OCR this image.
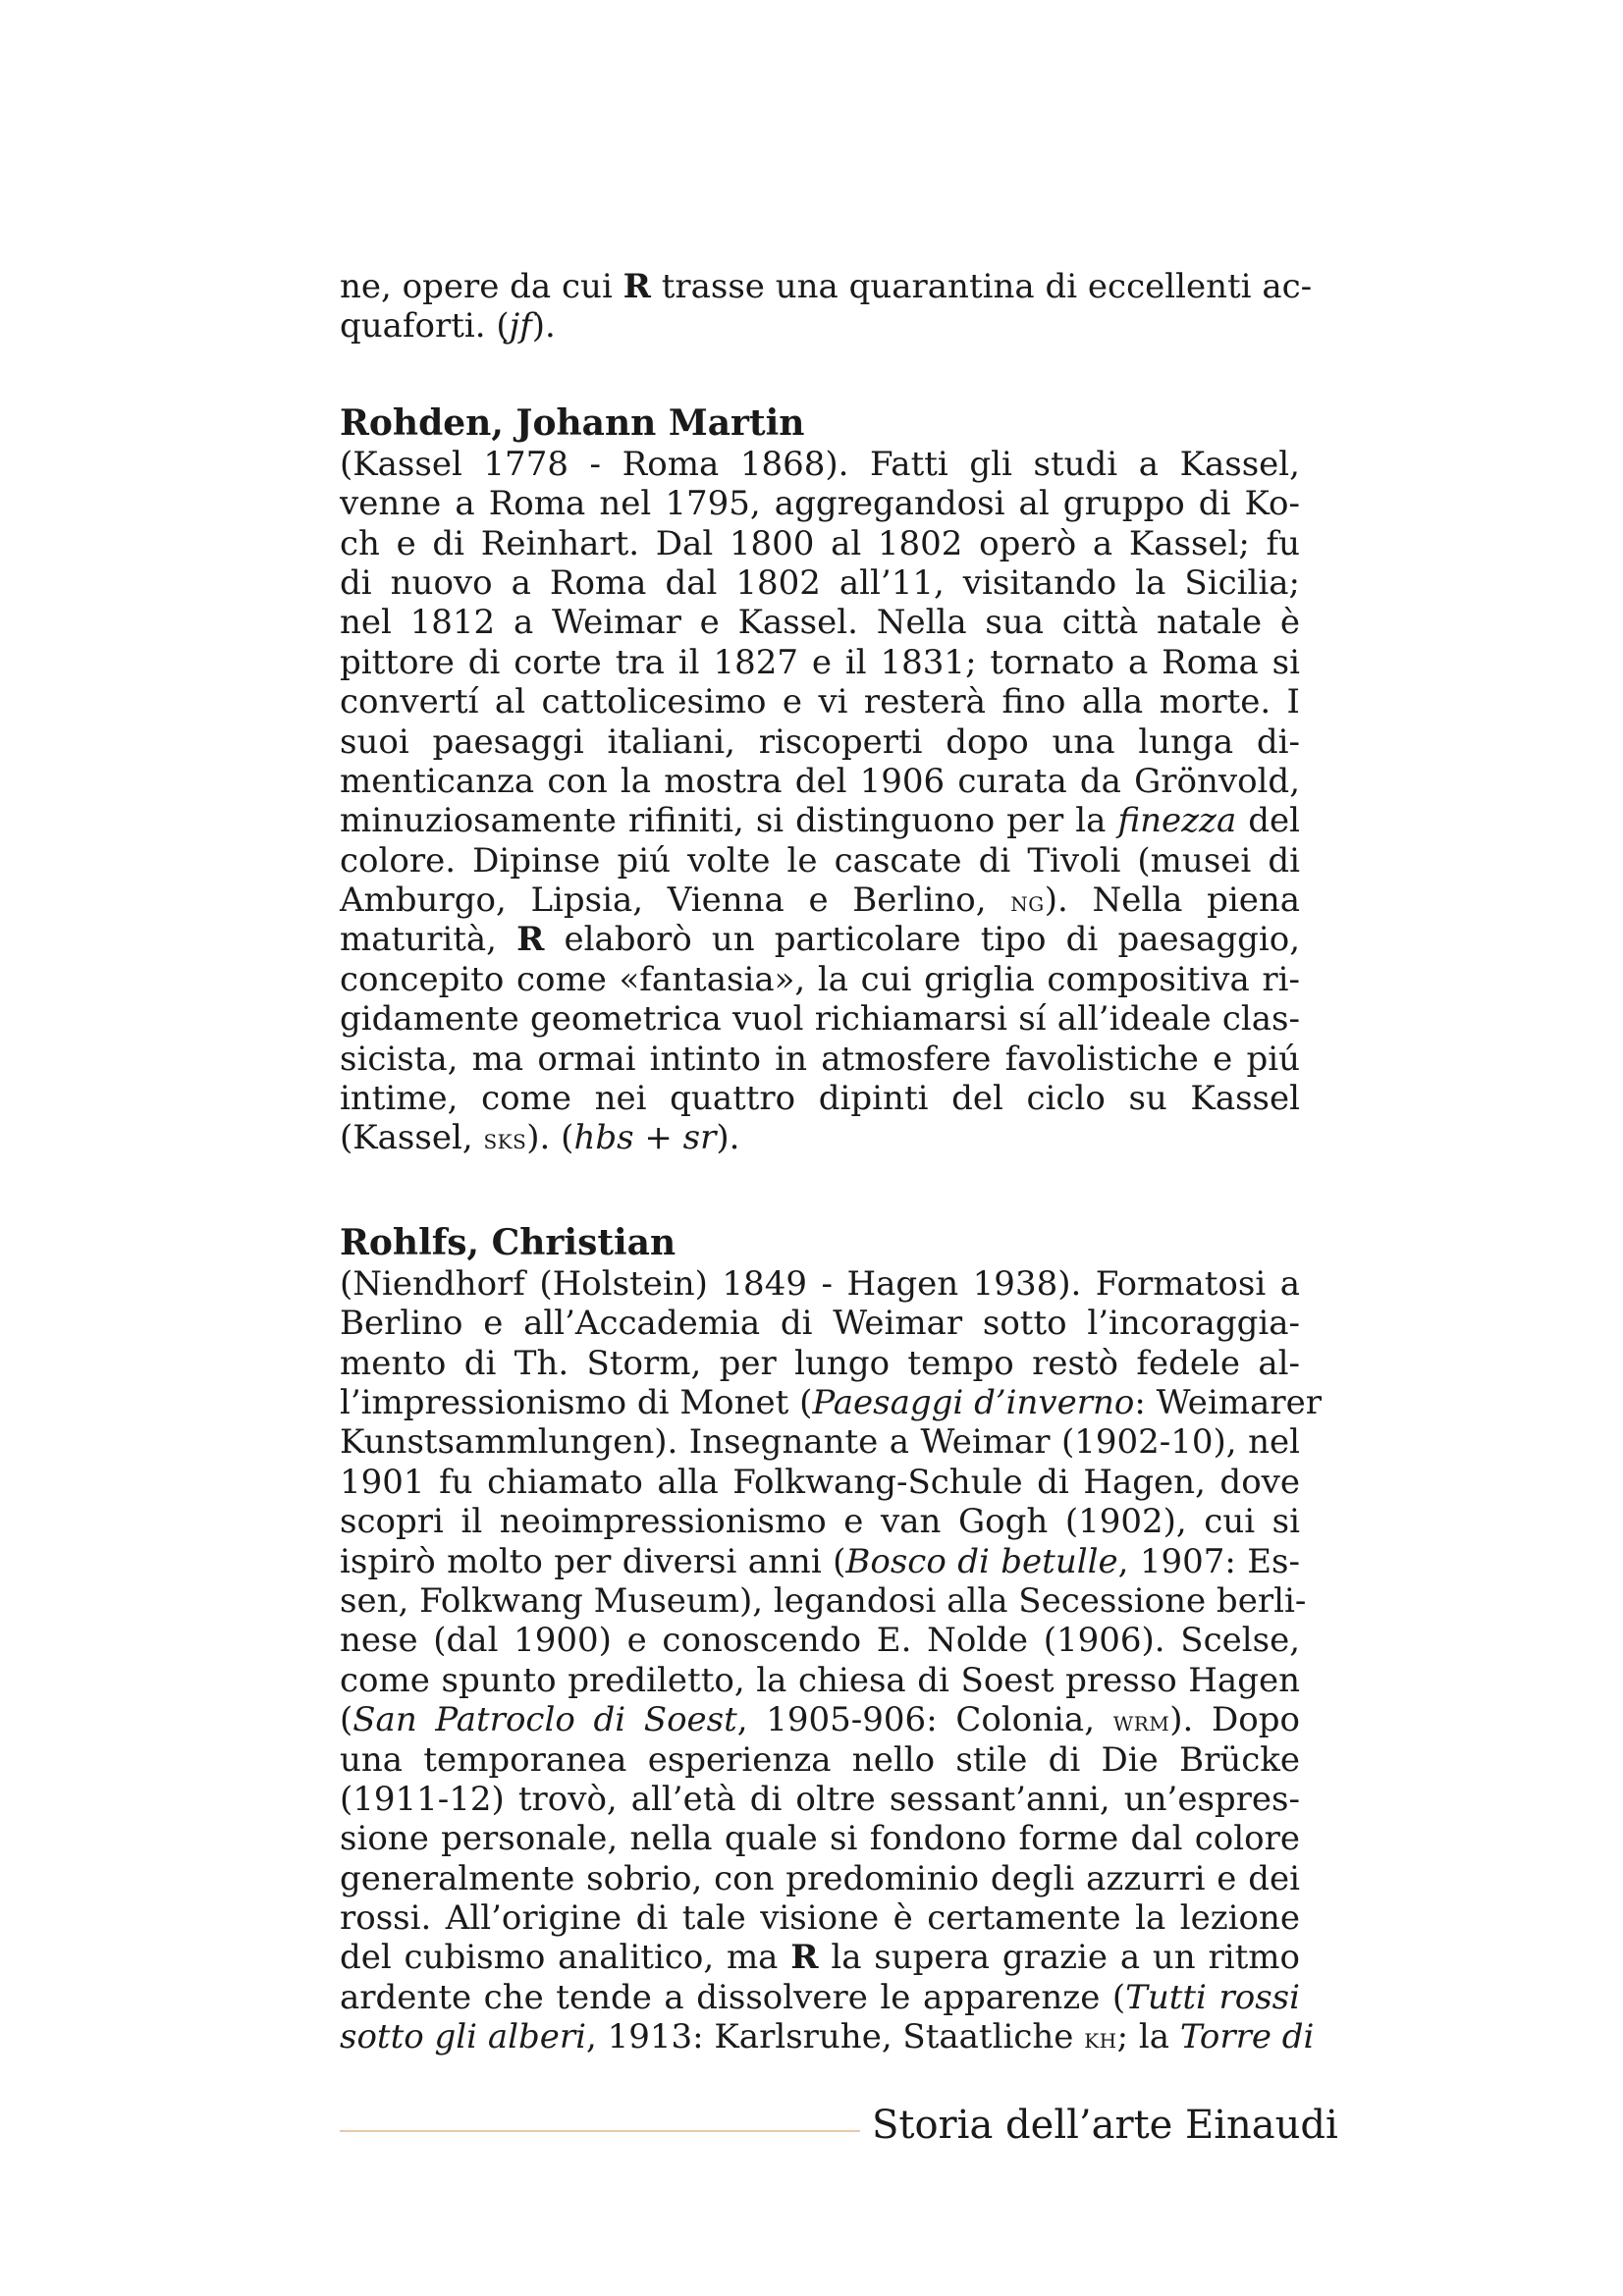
ne, opere da cui R trasse una quarantina di eccellenti ac-
quaforti. (jf).
Rohden, Johann Martin
(Kassel 1778 - Roma 1868). Fatti gli studi a Kassel,
venne a Roma nel 1795, aggregandosi al gruppo di Ko-
ch e di Reinhart. Dal 1800 al 1802 operò a Kassel; fu
di nuovo a Roma dal 1802 all’11, visitando la Sicilia;
nel 1812 a Weimar e Kassel. Nella sua città natale è
pittore di corte tra il 1827 e il 1831; tornato a Roma si
convertí al cattolicesimo e vi resterà fino alla morte. I
suoi paesaggi italiani, riscoperti dopo una lunga di-
menticanza con la mostra del 1906 curata da Grönvold,
minuziosamente rifiniti, si distinguono per la finezza del
colore. Dipinse piú volte le cascate di Tivoli (musei di
Amburgo, Lipsia, Vienna e Berlino, ng). Nella piena
maturità, R elaborò un particolare tipo di paesaggio,
concepito come «fantasia», la cui griglia compositiva ri-
gidamente geometrica vuol richiamarsi sí all’ideale clas-
sicista, ma ormai intinto in atmosfere favolistiche e piú
intime, come nei quattro dipinti del ciclo su Kassel
(Kassel, sks). (hbs + sr).
Rohlfs, Christian
(Niendhorf (Holstein) 1849 - Hagen 1938). Formatosi a
Berlino e all’Accademia di Weimar sotto l’incoraggia-
mento di Th. Storm, per lungo tempo restò fedele al-
l’impressionismo di Monet (Paesaggi d’inverno: Weimarer
Kunstsammlungen). Insegnante a Weimar (1902-10), nel
1901 fu chiamato alla Folkwang-Schule di Hagen, dove
scopri il neoimpressionismo e van Gogh (1902), cui si
ispirò molto per diversi anni (Bosco di betulle, 1907: Es-
sen, Folkwang Museum), legandosi alla Secessione berli-
nese (dal 1900) e conoscendo E. Nolde (1906). Scelse,
come spunto prediletto, la chiesa di Soest presso Hagen
(San Patroclo di Soest, 1905-906: Colonia, wrm). Dopo
una temporanea esperienza nello stile di Die Brücke
(1911-12) trovò, all’età di oltre sessant’anni, un’espres-
sione personale, nella quale si fondono forme dal colore
generalmente sobrio, con predominio degli azzurri e dei
rossi. All’origine di tale visione è certamente la lezione
del cubismo analitico, ma R la supera grazie a un ritmo
ardente che tende a dissolvere le apparenze (Tutti rossi
sotto gli alberi, 1913: Karlsruhe, Staatliche kh; la Torre di
Storia dell’arte Einaudi
